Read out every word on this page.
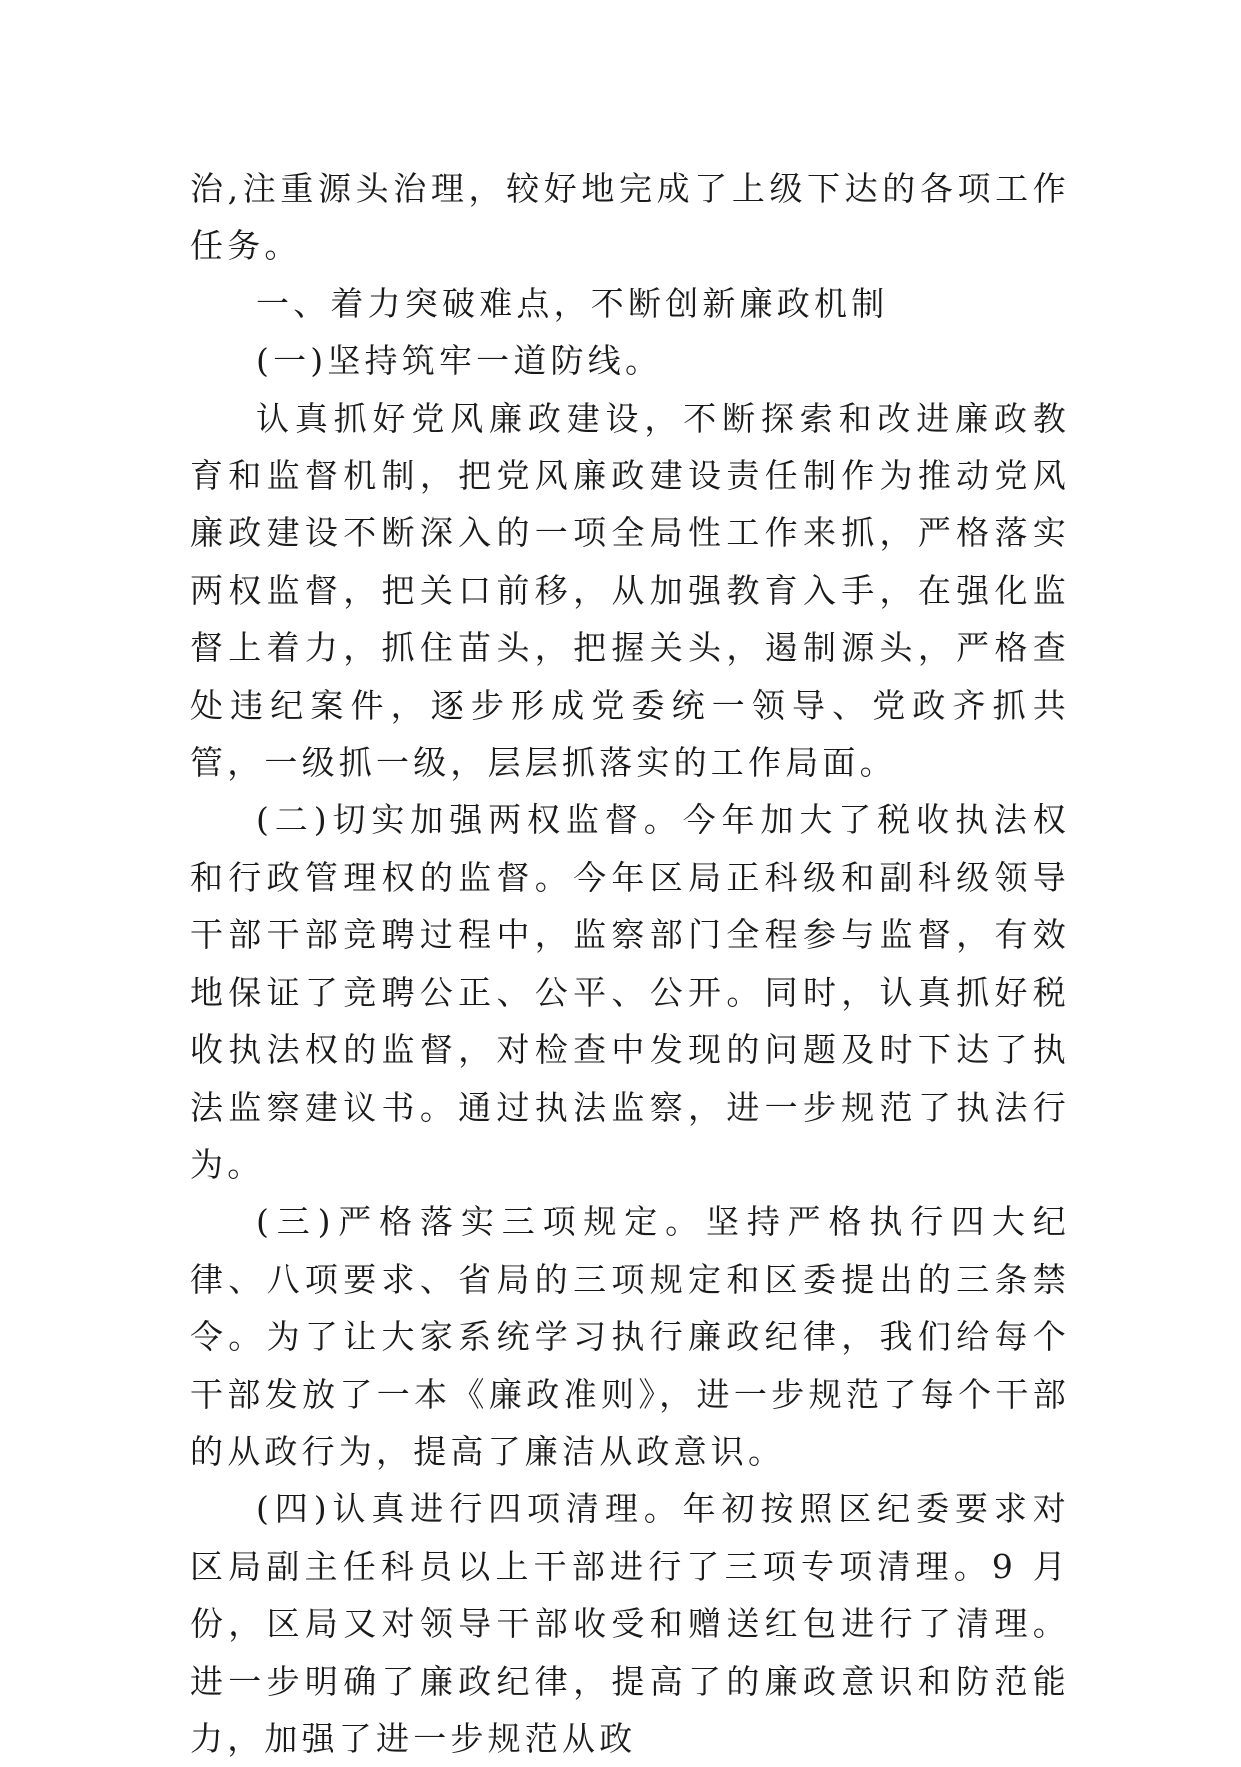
治,注重源头治理，较好地完成了上级下达的各项工作任务。

一、着力突破难点，不断创新廉政机制

(一)坚持筑牢一道防线。

认真抓好党风廉政建设，不断探索和改进廉政教育和监督机制，把党风廉政建设责任制作为推动党风廉政建设不断深入的一项全局性工作来抓，严格落实两权监督，把关口前移，从加强教育入手，在强化监督上着力，抓住苗头，把握关头，遏制源头，严格查处违纪案件，逐步形成党委统一领导、党政齐抓共管，一级抓一级，层层抓落实的工作局面。

(二)切实加强两权监督。今年加大了税收执法权和行政管理权的监督。今年区局正科级和副科级领导干部干部竞聘过程中，监察部门全程参与监督，有效地保证了竞聘公正、公平、公开。同时，认真抓好税收执法权的监督，对检查中发现的问题及时下达了执法监察建议书。通过执法监察，进一步规范了执法行为。

(三)严格落实三项规定。坚持严格执行四大纪律、八项要求、省局的三项规定和区委提出的三条禁令。为了让大家系统学习执行廉政纪律，我们给每个干部发放了一本《廉政准则》，进一步规范了每个干部的从政行为，提高了廉洁从政意识。

(四)认真进行四项清理。年初按照区纪委要求对区局副主任科员以上干部进行了三项专项清理。9 月份，区局又对领导干部收受和赠送红包进行了清理。进一步明确了廉政纪律，提高了的廉政意识和防范能力，加强了进一步规范从政
